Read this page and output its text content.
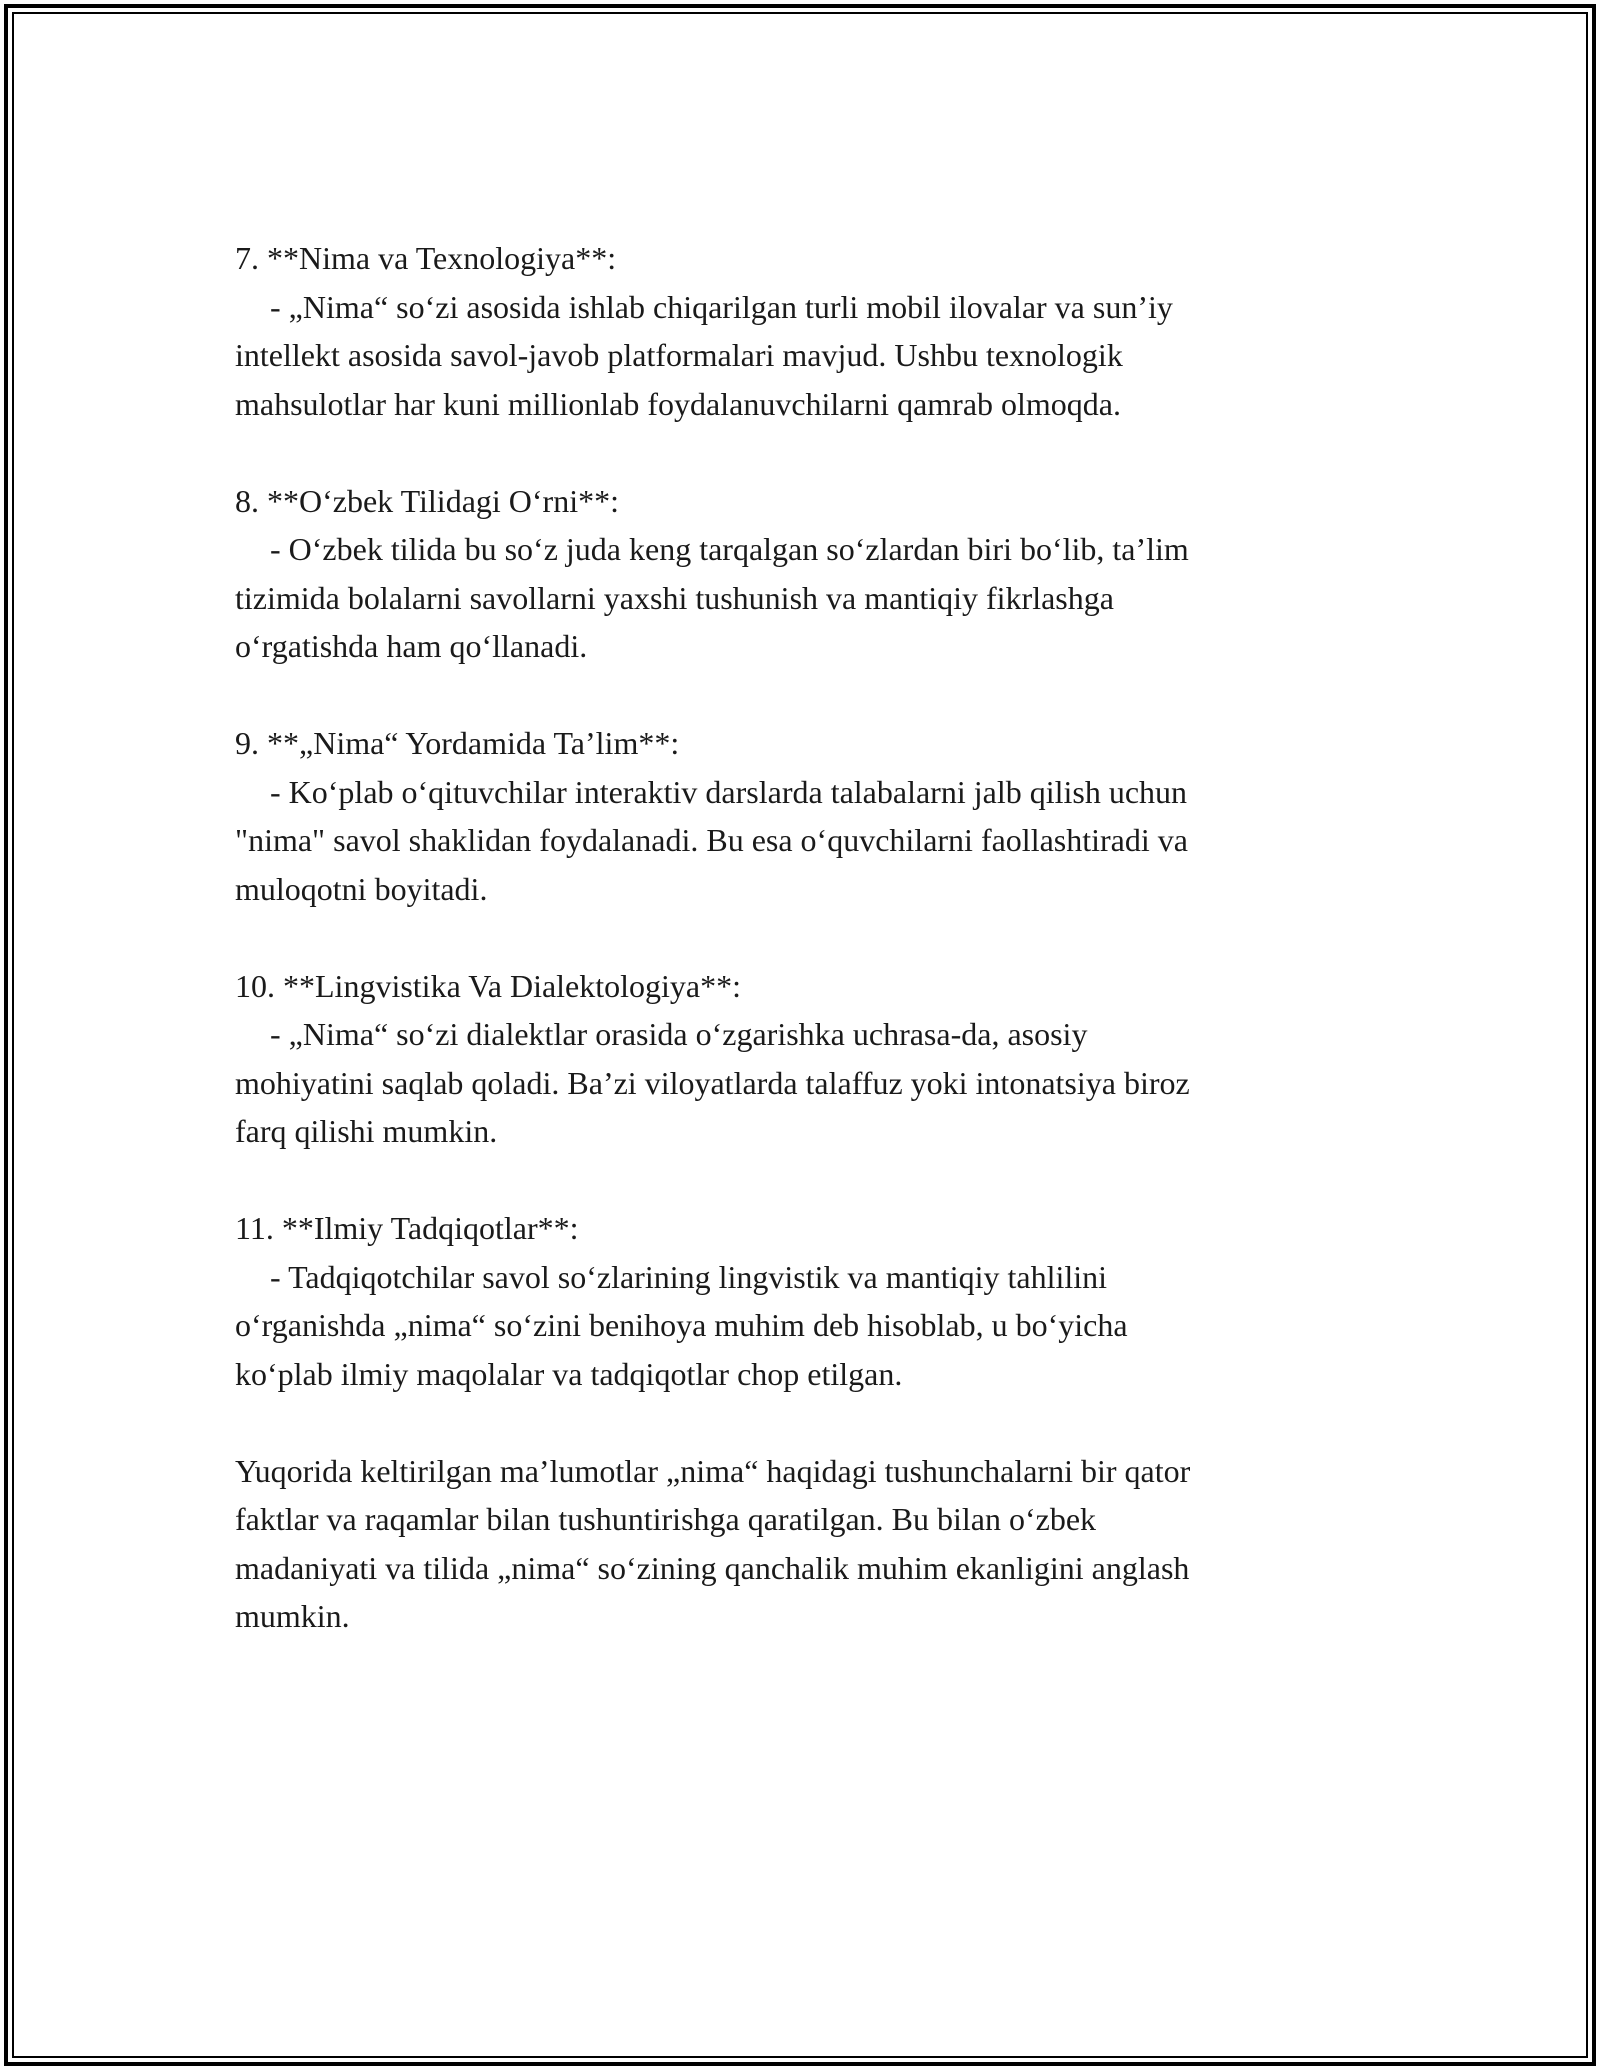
7. **Nima va Texnologiya**:
- „Nima“ so‘zi asosida ishlab chiqarilgan turli mobil ilovalar va sun’iy
intellekt asosida savol-javob platformalari mavjud. Ushbu texnologik
mahsulotlar har kuni millionlab foydalanuvchilarni qamrab olmoqda.
8. **O‘zbek Tilidagi O‘rni**:
- O‘zbek tilida bu so‘z juda keng tarqalgan so‘zlardan biri bo‘lib, ta’lim
tizimida bolalarni savollarni yaxshi tushunish va mantiqiy fikrlashga
o‘rgatishda ham qo‘llanadi.
9. **„Nima“ Yordamida Ta’lim**:
- Ko‘plab o‘qituvchilar interaktiv darslarda talabalarni jalb qilish uchun
"nima" savol shaklidan foydalanadi. Bu esa o‘quvchilarni faollashtiradi va
muloqotni boyitadi.
10. **Lingvistika Va Dialektologiya**:
- „Nima“ so‘zi dialektlar orasida o‘zgarishka uchrasa-da, asosiy
mohiyatini saqlab qoladi. Ba’zi viloyatlarda talaffuz yoki intonatsiya biroz
farq qilishi mumkin.
11. **Ilmiy Tadqiqotlar**:
- Tadqiqotchilar savol so‘zlarining lingvistik va mantiqiy tahlilini
o‘rganishda „nima“ so‘zini benihoya muhim deb hisoblab, u bo‘yicha
ko‘plab ilmiy maqolalar va tadqiqotlar chop etilgan.
Yuqorida keltirilgan ma’lumotlar „nima“ haqidagi tushunchalarni bir qator
faktlar va raqamlar bilan tushuntirishga qaratilgan. Bu bilan o‘zbek
madaniyati va tilida „nima“ so‘zining qanchalik muhim ekanligini anglash
mumkin.
